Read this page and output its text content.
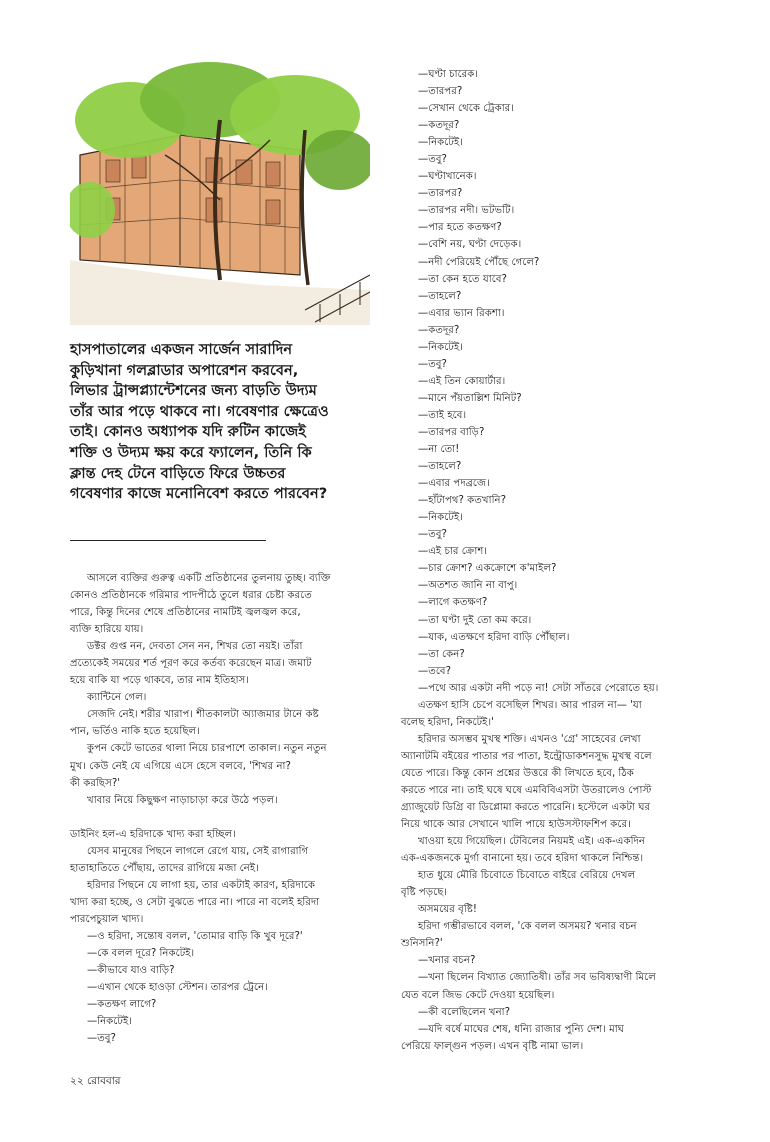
হাসপাতালের একজন সার্জেন সারাদিন

কুড়িখানা গলব্লাডার অপারেশন করবেন,

লিভার ট্রান্সপ্ল্যান্টেশনের জন্য বাড়তি উদ্যম

তাঁর আর পড়ে থাকবে না। গবেষণার ক্ষেত্রেও

তাই। কোনও অধ্যাপক যদি রুটিন কাজেই

শক্তি ও উদ্যম ক্ষয় করে ফ্যালেন, তিনি কি

ক্লান্ত দেহ টেনে বাড়িতে ফিরে উচ্চতর

গবেষণার কাজে মনোনিবেশ করতে পারবেন?

আসলে ব্যক্তির গুরুত্ব একটি প্রতিষ্ঠানের তুলনায় তুচ্ছ। ব্যক্তি

কোনও প্রতিষ্ঠানকে গরিমার পাদপীঠে তুলে ধরার চেষ্টা করতে

পারে, কিন্তু দিনের শেষে প্রতিষ্ঠানের নামটিই জ্বলজ্বল করে,

ব্যক্তি হারিয়ে যায়।

ডক্টর গুপ্ত নন, দেবতা সেন নন, শিখর তো নয়ই। তাঁরা

প্রত্যেকেই সময়ের শর্ত পূরণ করে কর্তব্য করেছেন মাত্র। জমাট

হয়ে বাকি যা পড়ে থাকবে, তার নাম ইতিহাস।

ক্যান্টিনে গেল।

সেজদি নেই। শরীর খারাপ। শীতকালটা অ্যাজমার টানে কষ্ট

পান, ভর্তিও নাকি হতে হয়েছিল।

কুপন কেটে ভাতের থালা নিয়ে চারপাশে তাকাল। নতুন নতুন

মুখ। কেউ নেই যে এগিয়ে এসে হেসে বলবে, 'শিখর না?

কী করছিস?'

খাবার নিয়ে কিছুক্ষণ নাড়াচাড়া করে উঠে পড়ল।

ডাইনিং হল-এ হরিদাকে খাদ্য করা হচ্ছিল।

যেসব মানুষের পিছনে লাগলে রেগে যায়, সেই রাগারাগি

হাতাহাতিতে পৌঁছায়, তাদের রাগিয়ে মজা নেই।

হরিদার পিছনে যে লাগা হয়, তার একটাই কারণ, হরিদাকে

খাদ্য করা হচ্ছে, ও সেটা বুঝতে পারে না। পারে না বলেই হরিদা

পারপেচুয়াল খাদ্য।

—ও হরিদা, সন্তোষ বলল, 'তোমার বাড়ি কি খুব দূরে?'

—কে বলল দূরে? নিকটেই।

—কীভাবে যাও বাড়ি?

—এখান থেকে হাওড়া স্টেশন। তারপর ট্রেনে।

—কতক্ষণ লাগে?

—নিকটেই।

—তবু?

—ঘণ্টা চারেক।

—তারপর?

—সেখান থেকে ট্রেকার।

—কতদূর?

—নিকটেই।

—তবু?

—ঘণ্টাখানেক।

—তারপর?

—তারপর নদী। ভটভটি।

—পার হতে কতক্ষণ?

—বেশি নয়, ঘণ্টা দেড়েক।

—নদী পেরিয়েই পৌঁছে গেলে?

—তা কেন হতে যাবে?

—তাহলে?

—এবার ভ্যান রিকশা।

—কতদূর?

—নিকটেই।

—তবু?

—এই তিন কোয়ার্টার।

—মানে পঁয়তাল্লিশ মিনিট?

—তাই হবে।

—তারপর বাড়ি?

—না তো!

—তাহলে?

—এবার পদব্রজে।

—হাঁটাপথ? কতখানি?

—নিকটেই।

—তবু?

—এই চার ক্রোশ।

—চার ক্রোশ? একক্রোশে ক'মাইল?

—অতশত জানি না বাপু।

—লাগে কতক্ষণ?

—তা ঘণ্টা দুই তো কম করে।

—যাক, এতক্ষণে হরিদা বাড়ি পৌঁছাল।

—তা কেন?

—তবে?

—পথে আর একটা নদী পড়ে না! সেটা সাঁতরে পেরোতে হয়।

এতক্ষণ হাসি চেপে বসেছিল শিখর। আর পারল না— 'যা

বলেছ হরিদা, নিকটেই।'

হরিদার অসম্ভব মুখস্থ শক্তি। এখনও 'গ্রে' সাহেবের লেখা

অ্যানাটমি বইয়ের পাতার পর পাতা, ইন্ট্রোডাকশনসুদ্ধ মুখস্থ বলে

যেতে পারে। কিন্তু কোন প্রশ্নের উত্তরে কী লিখতে হবে, ঠিক

করতে পারে না। তাই ঘষে ঘষে এমবিবিএসটা উতরালেও পোস্ট

গ্র্যাজুয়েট ডিগ্রি বা ডিপ্লোমা করতে পারেনি। হস্টেলে একটা ঘর

নিয়ে থাকে আর সেখানে খালি পায়ে হাউসস্টাফশিপ করে।

খাওয়া হয়ে গিয়েছিল। টেবিলের নিয়মই এই। এক-একদিন

এক-একজনকে মুর্গা বানানো হয়। তবে হরিদা থাকলে নিশ্চিন্ত।

হাত ধুয়ে মৌরি চিবোতে চিবোতে বাইরে বেরিয়ে দেখল

বৃষ্টি পড়ছে।

অসময়ের বৃষ্টি!

হরিদা গম্ভীরভাবে বলল, 'কে বলল অসময়? খনার বচন

শুনিসনি?'

—খনার বচন?

—খনা ছিলেন বিখ্যাত জ্যোতিষী। তাঁর সব ভবিষ্যদ্বাণী মিলে

যেত বলে জিভ কেটে দেওয়া হয়েছিল।

—কী বলেছিলেন খনা?

—যদি বর্ষে মাঘের শেষ, ধন্যি রাজার পুন্যি দেশ। মাঘ

পেরিয়ে ফাল্গুন পড়ল। এখন বৃষ্টি নামা ভাল।

২২ রোববার
